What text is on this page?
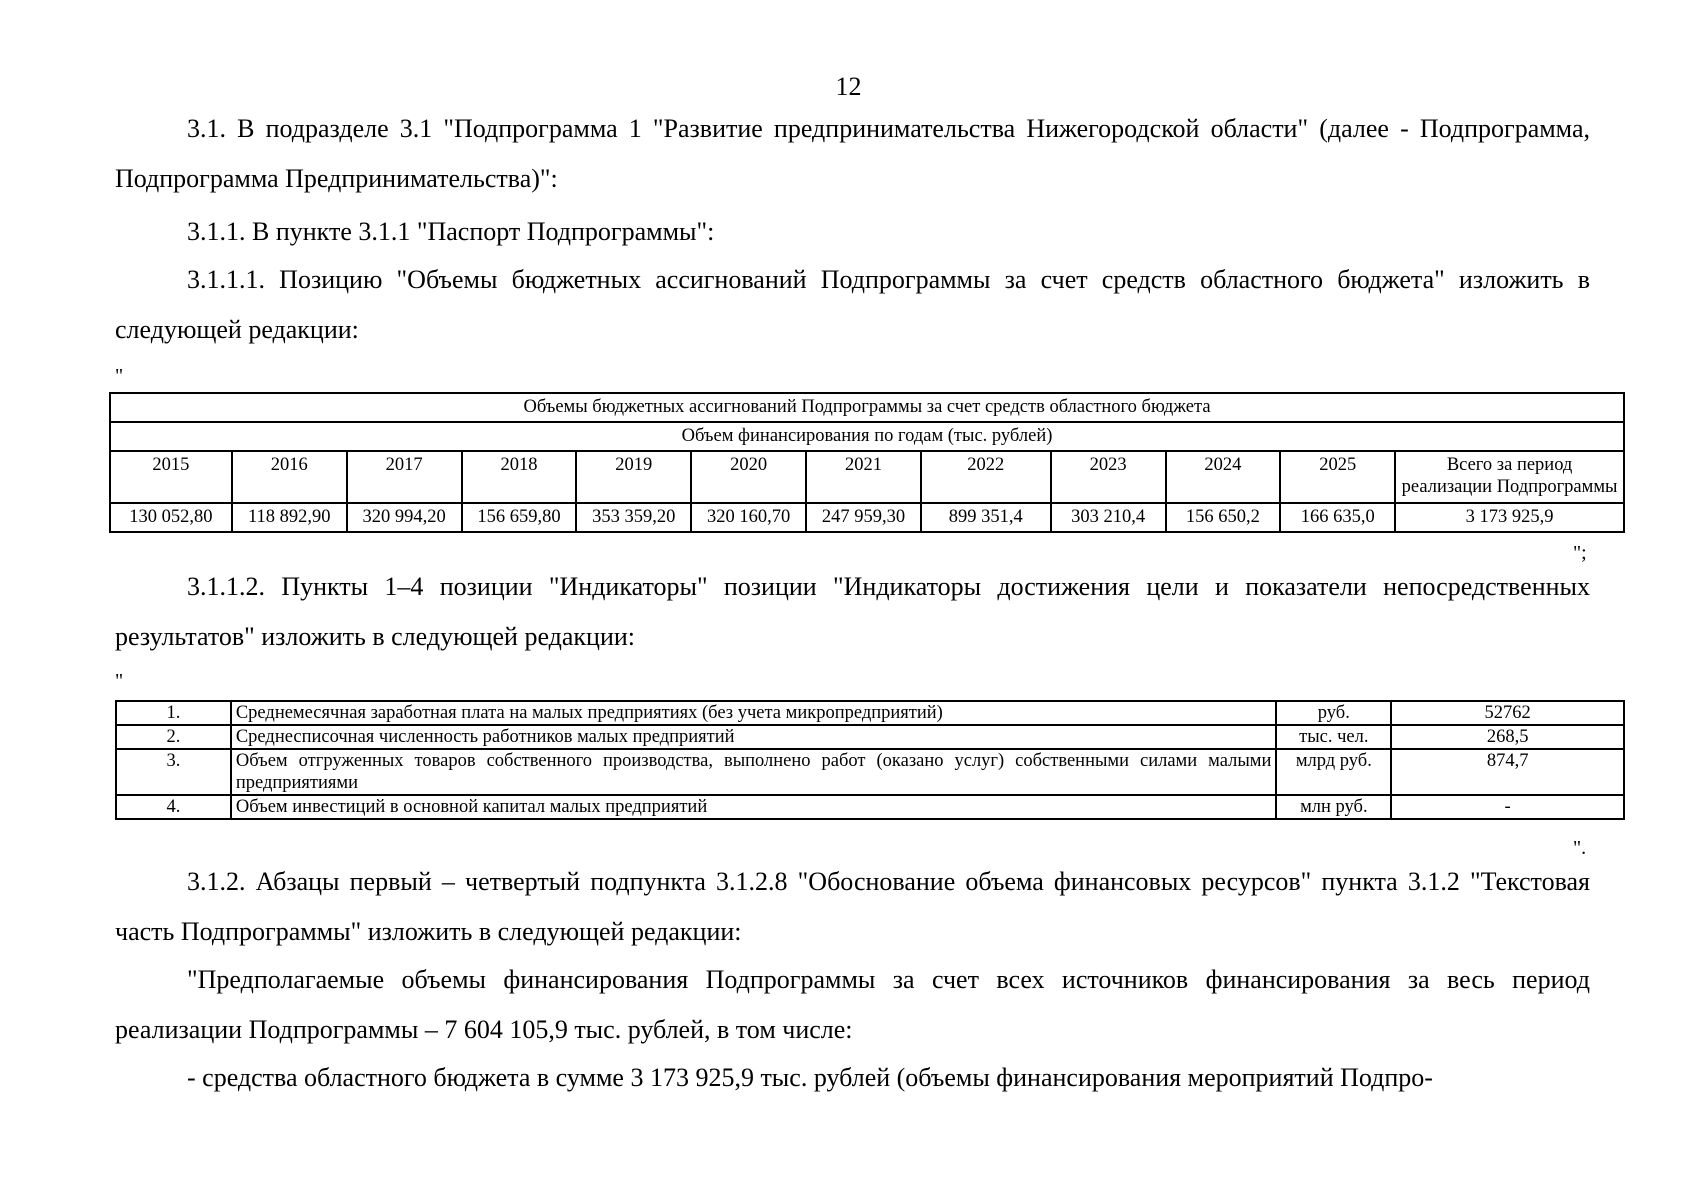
12

3.1. В подразделе 3.1 "Подпрограмма 1 "Развитие предпринимательства Нижегородской области" (далее - Подпрограмма, Подпрограмма Предпринимательства)":

3.1.1. В пункте 3.1.1 "Паспорт Подпрограммы":

3.1.1.1. Позицию "Объемы бюджетных ассигнований Подпрограммы за счет средств областного бюджета" изложить в следующей редакции:

"
Объемы бюджетных ассигнований Подпрограммы за счет средств областного бюджета											
Объем финансирования по годам (тыс. рублей)											
2015	2016	2017	2018	2019	2020	2021	2022	2023	2024	2025	Всего за период реализации Подпрограммы
130 052,80	118 892,90	320 994,20	156 659,80	353 359,20	320 160,70	247 959,30	899 351,4	303 210,4	156 650,2	166 635,0	3 173 925,9
";

3.1.1.2. Пункты 1–4 позиции "Индикаторы" позиции "Индикаторы достижения цели и показатели непосредственных результатов" изложить в следующей редакции:

"
1.	Среднемесячная заработная плата на малых предприятиях (без учета микропредприятий)	руб.	52762
2.	Среднесписочная численность работников малых предприятий	тыс. чел.	268,5
3.	Объем отгруженных товаров собственного производства, выполнено работ (оказано услуг) собственными силами малыми предприятиями	млрд руб.	874,7
4.	Объем инвестиций в основной капитал малых предприятий	млн руб.	-
".

3.1.2. Абзацы первый – четвертый подпункта 3.1.2.8 "Обоснование объема финансовых ресурсов" пункта 3.1.2 "Текстовая часть Подпрограммы" изложить в следующей редакции:

"Предполагаемые объемы финансирования Подпрограммы за счет всех источников финансирования за весь период реализации Подпрограммы – 7 604 105,9 тыс. рублей, в том числе:

- средства областного бюджета в сумме 3 173 925,9 тыс. рублей (объемы финансирования мероприятий Подпро-
